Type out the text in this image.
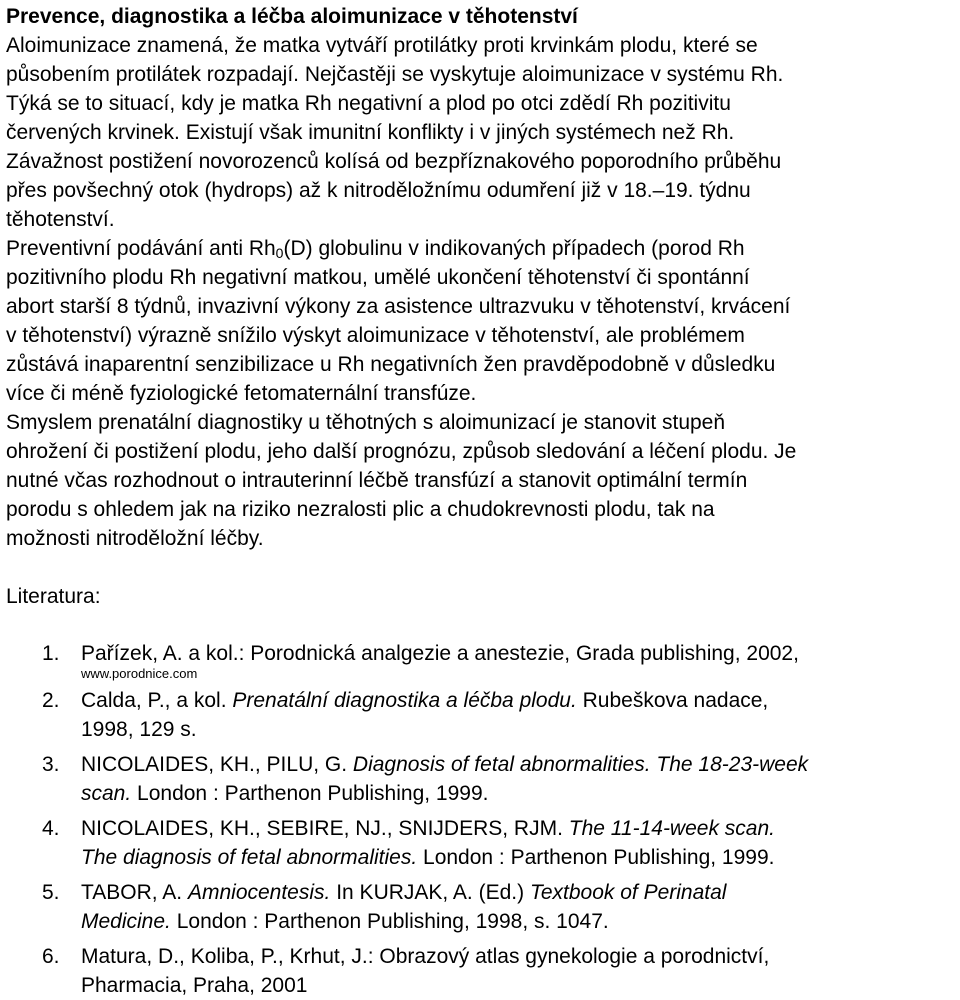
Prevence, diagnostika a léčba aloimunizace v těhotenství

Aloimunizace znamená, že matka vytváří protilátky proti krvinkám plodu, které se

působením protilátek rozpadají. Nejčastěji se vyskytuje aloimunizace v systému Rh.

Týká se to situací, kdy je matka Rh negativní a plod po otci zdědí Rh pozitivitu

červených krvinek. Existují však imunitní konflikty i v jiných systémech než Rh.

Závažnost postižení novorozenců kolísá od bezpříznakového poporodního průběhu

přes povšechný otok (hydrops) až k nitroděložnímu odumření již v 18.–19. týdnu

těhotenství.

Preventivní podávání anti $Rh_0(D)$ globulinu v indikovaných případech (porod Rh

pozitivního plodu Rh negativní matkou, umělé ukončení těhotenství či spontánní

abort starší 8 týdnů, invazivní výkony za asistence ultrazvuku v těhotenství, krvácení

v těhotenství) výrazně snížilo výskyt aloimunizace v těhotenství, ale problémem

zůstává inaparentní senzibilizace u Rh negativních žen pravděpodobně v důsledku

více či méně fyziologické fetomaternální transfúze.

Smyslem prenatální diagnostiky u těhotných s aloimunizací je stanovit stupeň

ohrožení či postižení plodu, jeho další prognózu, způsob sledování a léčení plodu. Je

nutné včas rozhodnout o intrauterinní léčbě transfúzí a stanovit optimální termín

porodu s ohledem jak na riziko nezralosti plic a chudokrevnosti plodu, tak na

možnosti nitroděložní léčby.

Literatura:

1. Pařízek, A. a kol.: Porodnická analgezie a anestezie, Grada publishing, 2002,
www.porodnice.com
2. Calda, P., a kol. Prenatální diagnostika a léčba plodu. Rubeškova nadace,
1998, 129 s.
3. NICOLAIDES, KH., PILU, G. Diagnosis of fetal abnormalities. The 18-23-week
scan. London : Parthenon Publishing, 1999.
4. NICOLAIDES, KH., SEBIRE, NJ., SNIJDERS, RJM. The 11-14-week scan.
The diagnosis of fetal abnormalities. London : Parthenon Publishing, 1999.
5. TABOR, A. Amniocentesis. In KURJAK, A. (Ed.) Textbook of Perinatal
Medicine. London : Parthenon Publishing, 1998, s. 1047.
6. Matura, D., Koliba, P., Krhut, J.: Obrazový atlas gynekologie a porodnictví,
Pharmacia, Praha, 2001
